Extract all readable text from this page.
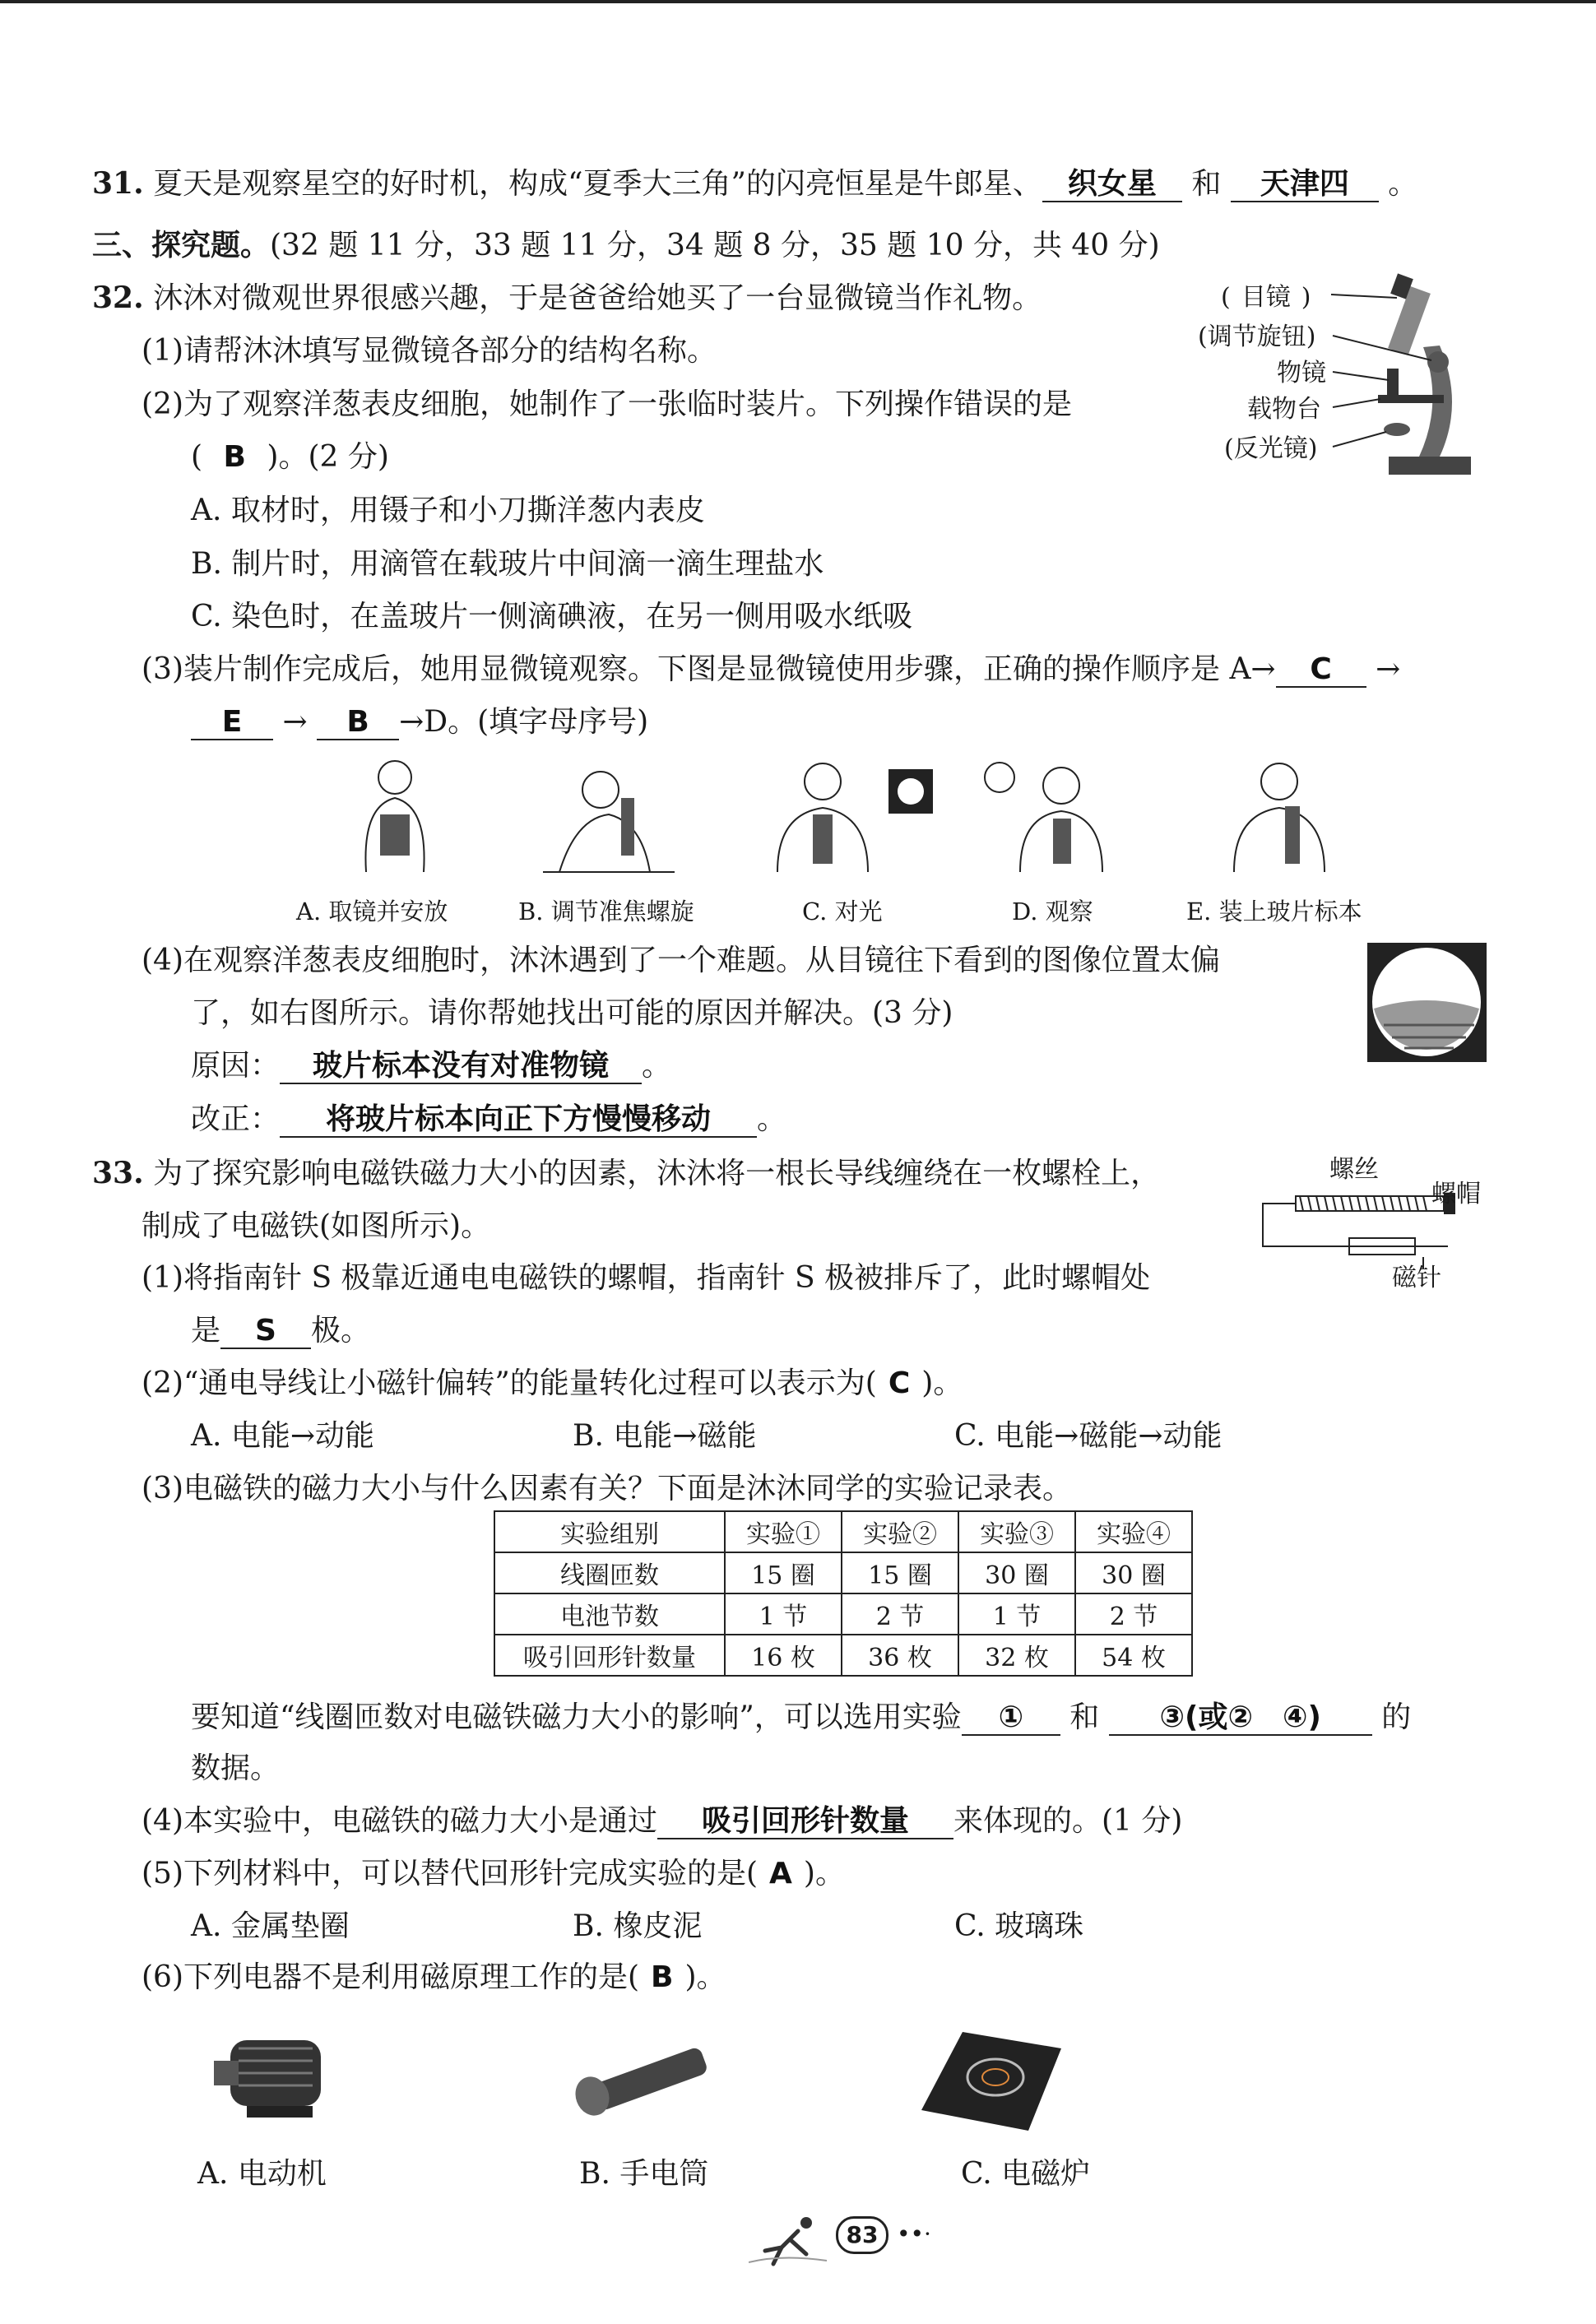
31. 夏天是观察星空的好时机，构成“夏季大三角”的闪亮恒星是牛郎星、 织女星 和 天津四 。
三、探究题。(32 题 11 分，33 题 11 分，34 题 8 分，35 题 10 分，共 40 分)
32. 沐沐对微观世界很感兴趣，于是爸爸给她买了一台显微镜当作礼物。
(1)请帮沐沐填写显微镜各部分的结构名称。
(2)为了观察洋葱表皮细胞，她制作了一张临时装片。下列操作错误的是
( B )。(2 分)
A. 取材时，用镊子和小刀撕洋葱内表皮
B. 制片时，用滴管在载玻片中间滴一滴生理盐水
C. 染色时，在盖玻片一侧滴碘液，在另一侧用吸水纸吸
(3)装片制作完成后，她用显微镜观察。下图是显微镜使用步骤，正确的操作顺序是 A→ C →
E → B →D。(填字母序号)
( 目镜 )
(调节旋钮)
物镜
载物台
(反光镜)
A. 取镜并安放	B. 调节准焦螺旋	C. 对光	D. 观察	E. 装上玻片标本
(4)在观察洋葱表皮细胞时，沐沐遇到了一个难题。从目镜往下看到的图像位置太偏
了，如右图所示。请你帮她找出可能的原因并解决。(3 分)
原因： 玻片标本没有对准物镜 。
改正： 将玻片标本向正下方慢慢移动 。
33. 为了探究影响电磁铁磁力大小的因素，沐沐将一根长导线缠绕在一枚螺栓上，
制成了电磁铁(如图所示)。
螺丝
螺帽
磁针
(1)将指南针 S 极靠近通电电磁铁的螺帽，指南针 S 极被排斥了，此时螺帽处
是 S 极。
(2)“通电导线让小磁针偏转”的能量转化过程可以表示为( C )。
A. 电能→动能	B. 电能→磁能	C. 电能→磁能→动能
(3)电磁铁的磁力大小与什么因素有关？下面是沐沐同学的实验记录表。
实验组别	实验①	实验②	实验③	实验④
线圈匝数	15 圈	15 圈	30 圈	30 圈
电池节数	1 节	2 节	1 节	2 节
吸引回形针数量	16 枚	36 枚	32 枚	54 枚
要知道“线圈匝数对电磁铁磁力大小的影响”，可以选用实验 ① 和 ③(或②　④) 的
数据。
(4)本实验中，电磁铁的磁力大小是通过 吸引回形针数量 来体现的。(1 分)
(5)下列材料中，可以替代回形针完成实验的是( A )。
A. 金属垫圈	B. 橡皮泥	C. 玻璃珠
(6)下列电器不是利用磁原理工作的是( B )。
A. 电动机	B. 手电筒	C. 电磁炉
83 ••·
